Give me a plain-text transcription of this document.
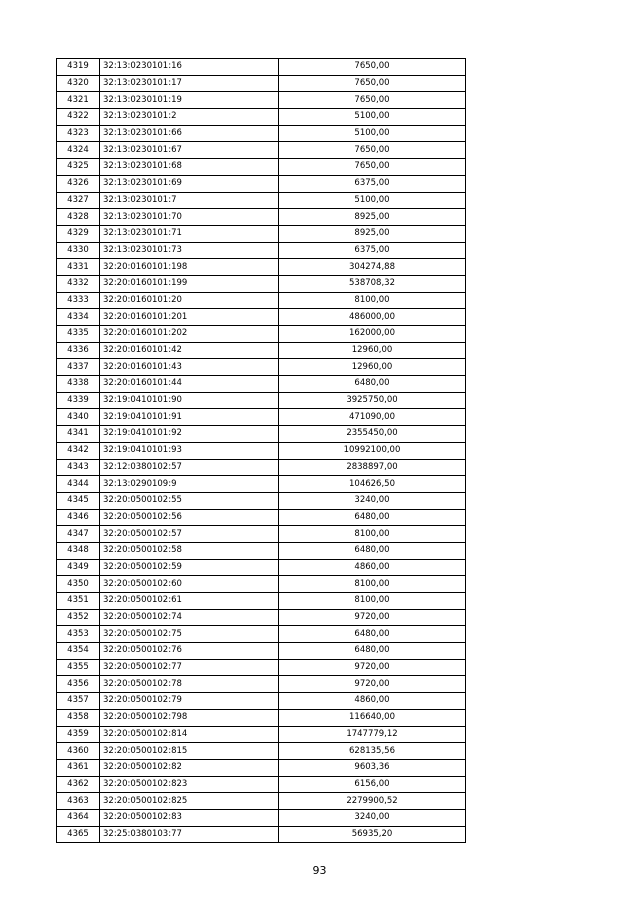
4319	32:13:0230101:16	7650,00
4320	32:13:0230101:17	7650,00
4321	32:13:0230101:19	7650,00
4322	32:13:0230101:2	5100,00
4323	32:13:0230101:66	5100,00
4324	32:13:0230101:67	7650,00
4325	32:13:0230101:68	7650,00
4326	32:13:0230101:69	6375,00
4327	32:13:0230101:7	5100,00
4328	32:13:0230101:70	8925,00
4329	32:13:0230101:71	8925,00
4330	32:13:0230101:73	6375,00
4331	32:20:0160101:198	304274,88
4332	32:20:0160101:199	538708,32
4333	32:20:0160101:20	8100,00
4334	32:20:0160101:201	486000,00
4335	32:20:0160101:202	162000,00
4336	32:20:0160101:42	12960,00
4337	32:20:0160101:43	12960,00
4338	32:20:0160101:44	6480,00
4339	32:19:0410101:90	3925750,00
4340	32:19:0410101:91	471090,00
4341	32:19:0410101:92	2355450,00
4342	32:19:0410101:93	10992100,00
4343	32:12:0380102:57	2838897,00
4344	32:13:0290109:9	104626,50
4345	32:20:0500102:55	3240,00
4346	32:20:0500102:56	6480,00
4347	32:20:0500102:57	8100,00
4348	32:20:0500102:58	6480,00
4349	32:20:0500102:59	4860,00
4350	32:20:0500102:60	8100,00
4351	32:20:0500102:61	8100,00
4352	32:20:0500102:74	9720,00
4353	32:20:0500102:75	6480,00
4354	32:20:0500102:76	6480,00
4355	32:20:0500102:77	9720,00
4356	32:20:0500102:78	9720,00
4357	32:20:0500102:79	4860,00
4358	32:20:0500102:798	116640,00
4359	32:20:0500102:814	1747779,12
4360	32:20:0500102:815	628135,56
4361	32:20:0500102:82	9603,36
4362	32:20:0500102:823	6156,00
4363	32:20:0500102:825	2279900,52
4364	32:20:0500102:83	3240,00
4365	32:25:0380103:77	56935,20
93
